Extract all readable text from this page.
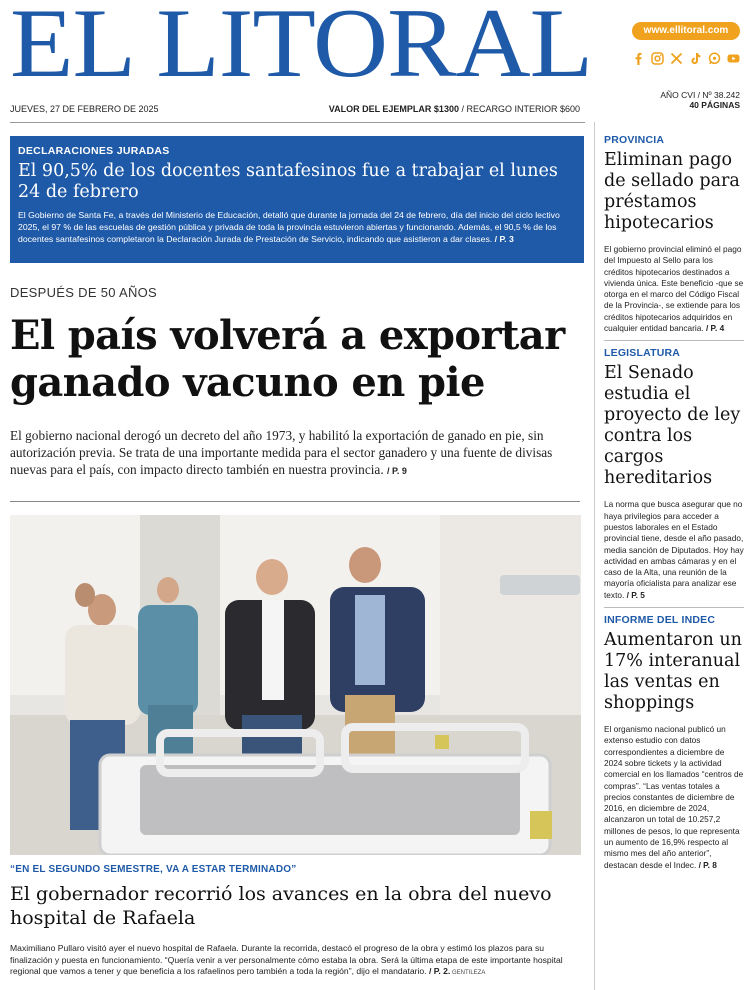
EL LITORAL	www.ellitoral.com
AÑO CVI / Nº 38.242
40 PÁGINAS
JUEVES, 27 DE FEBRERO DE 2025	VALOR DEL EJEMPLAR $1300 / RECARGO INTERIOR $600
DECLARACIONES JURADAS
El 90,5% de los docentes santafesinos fue a trabajar el lunes 24 de febrero
El Gobierno de Santa Fe, a través del Ministerio de Educación, detalló que durante la jornada del 24 de febrero, día del inicio del ciclo lectivo 2025, el 97 % de las escuelas de gestión pública y privada de toda la provincia estuvieron abiertas y funcionando. Además, el 90,5 % de los docentes santafesinos completaron la Declaración Jurada de Prestación de Servicio, indicando que asistieron a dar clases. / P. 3
DESPUÉS DE 50 AÑOS
El país volverá a exportar ganado vacuno en pie
El gobierno nacional derogó un decreto del año 1973, y habilitó la exportación de ganado en pie, sin autorización previa. Se trata de una importante medida para el sector ganadero y una fuente de divisas nuevas para el país, con impacto directo también en nuestra provincia. / P. 9
“EN EL SEGUNDO SEMESTRE, VA A ESTAR TERMINADO”
El gobernador recorrió los avances en la obra del nuevo hospital de Rafaela
Maximiliano Pullaro visitó ayer el nuevo hospital de Rafaela. Durante la recorrida, destacó el progreso de la obra y estimó los plazos para su finalización y puesta en funcionamiento. “Quería venir a ver personalmente cómo estaba la obra. Será la última etapa de este importante hospital regional que vamos a tener y que beneficia a los rafaelinos pero también a toda la región”, dijo el mandatario. / P. 2. GENTILEZA
PROVINCIA
Eliminan pago de sellado para préstamos hipotecarios
El gobierno provincial eliminó el pago del Impuesto al Sello para los créditos hipotecarios destinados a vivienda única. Este beneficio -que se otorga en el marco del Código Fiscal de la Provincia-, se extiende para los créditos hipotecarios adquiridos en cualquier entidad bancaria. / P. 4
LEGISLATURA
El Senado estudia el proyecto de ley contra los cargos hereditarios
La norma que busca asegurar que no haya privilegios para acceder a puestos laborales en el Estado provincial tiene, desde el año pasado, media sanción de Diputados. Hoy hay actividad en ambas cámaras y en el caso de la Alta, una reunión de la mayoría oficialista para analizar ese texto. / P. 5
INFORME DEL INDEC
Aumentaron un 17% interanual las ventas en shoppings
El organismo nacional publicó un extenso estudio con datos correspondientes a diciembre de 2024 sobre tickets y la actividad comercial en los llamados “centros de compras”. “Las ventas totales a precios constantes de diciembre de 2016, en diciembre de 2024, alcanzaron un total de 10.257,2 millones de pesos, lo que representa un aumento de 16,9% respecto al mismo mes del año anterior”, destacan desde el Indec. / P. 8
